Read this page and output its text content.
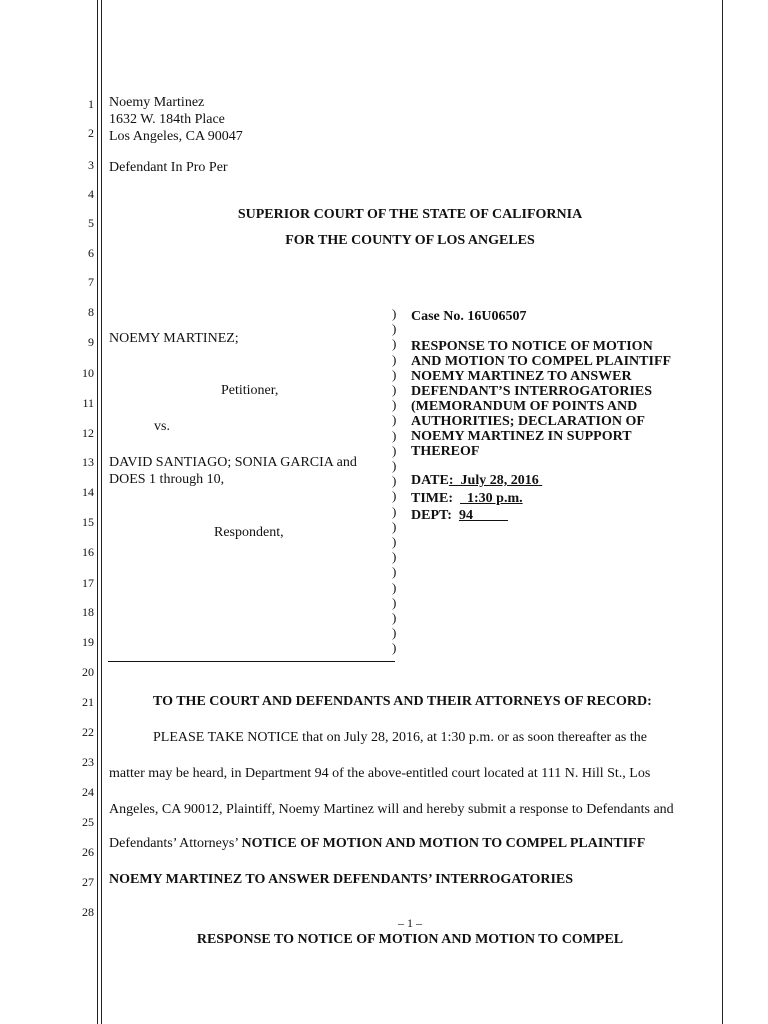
1
2
3
4
5
6
7
8
9
10
11
12
13
14
15
16
17
18
19
20
21
22
23
24
25
26
27
28
Noemy Martinez
1632 W. 184th Place
Los Angeles, CA 90047
Defendant In Pro Per
SUPERIOR COURT OF THE STATE OF CALIFORNIA
FOR THE COUNTY OF LOS ANGELES
NOEMY MARTINEZ;
Petitioner,
vs.
DAVID SANTIAGO; SONIA GARCIA and
DOES 1 through 10,
Respondent,
)
)
)
)
)
)
)
)
)
)
)
)
)
)
)
)
)
)
)
)
)
)
)
Case No. 16U06507
RESPONSE TO NOTICE OF MOTION
AND MOTION TO COMPEL PLAINTIFF
NOEMY MARTINEZ TO ANSWER
DEFENDANT’S INTERROGATORIES
(MEMORANDUM OF POINTS AND
AUTHORITIES; DECLARATION OF
NOEMY MARTINEZ IN SUPPORT
THEREOF
DATE: July 28, 2016
TIME: 1:30 p.m.
DEPT: 94
TO THE COURT AND DEFENDANTS AND THEIR ATTORNEYS OF RECORD:
PLEASE TAKE NOTICE that on July 28, 2016, at 1:30 p.m. or as soon thereafter as the
matter may be heard, in Department 94 of the above-entitled court located at 111 N. Hill St., Los
Angeles, CA 90012, Plaintiff, Noemy Martinez will and hereby submit a response to Defendants and
Defendants’ Attorneys’ NOTICE OF MOTION AND MOTION TO COMPEL PLAINTIFF
NOEMY MARTINEZ TO ANSWER DEFENDANTS’ INTERROGATORIES
– 1 –
RESPONSE TO NOTICE OF MOTION AND MOTION TO COMPEL
